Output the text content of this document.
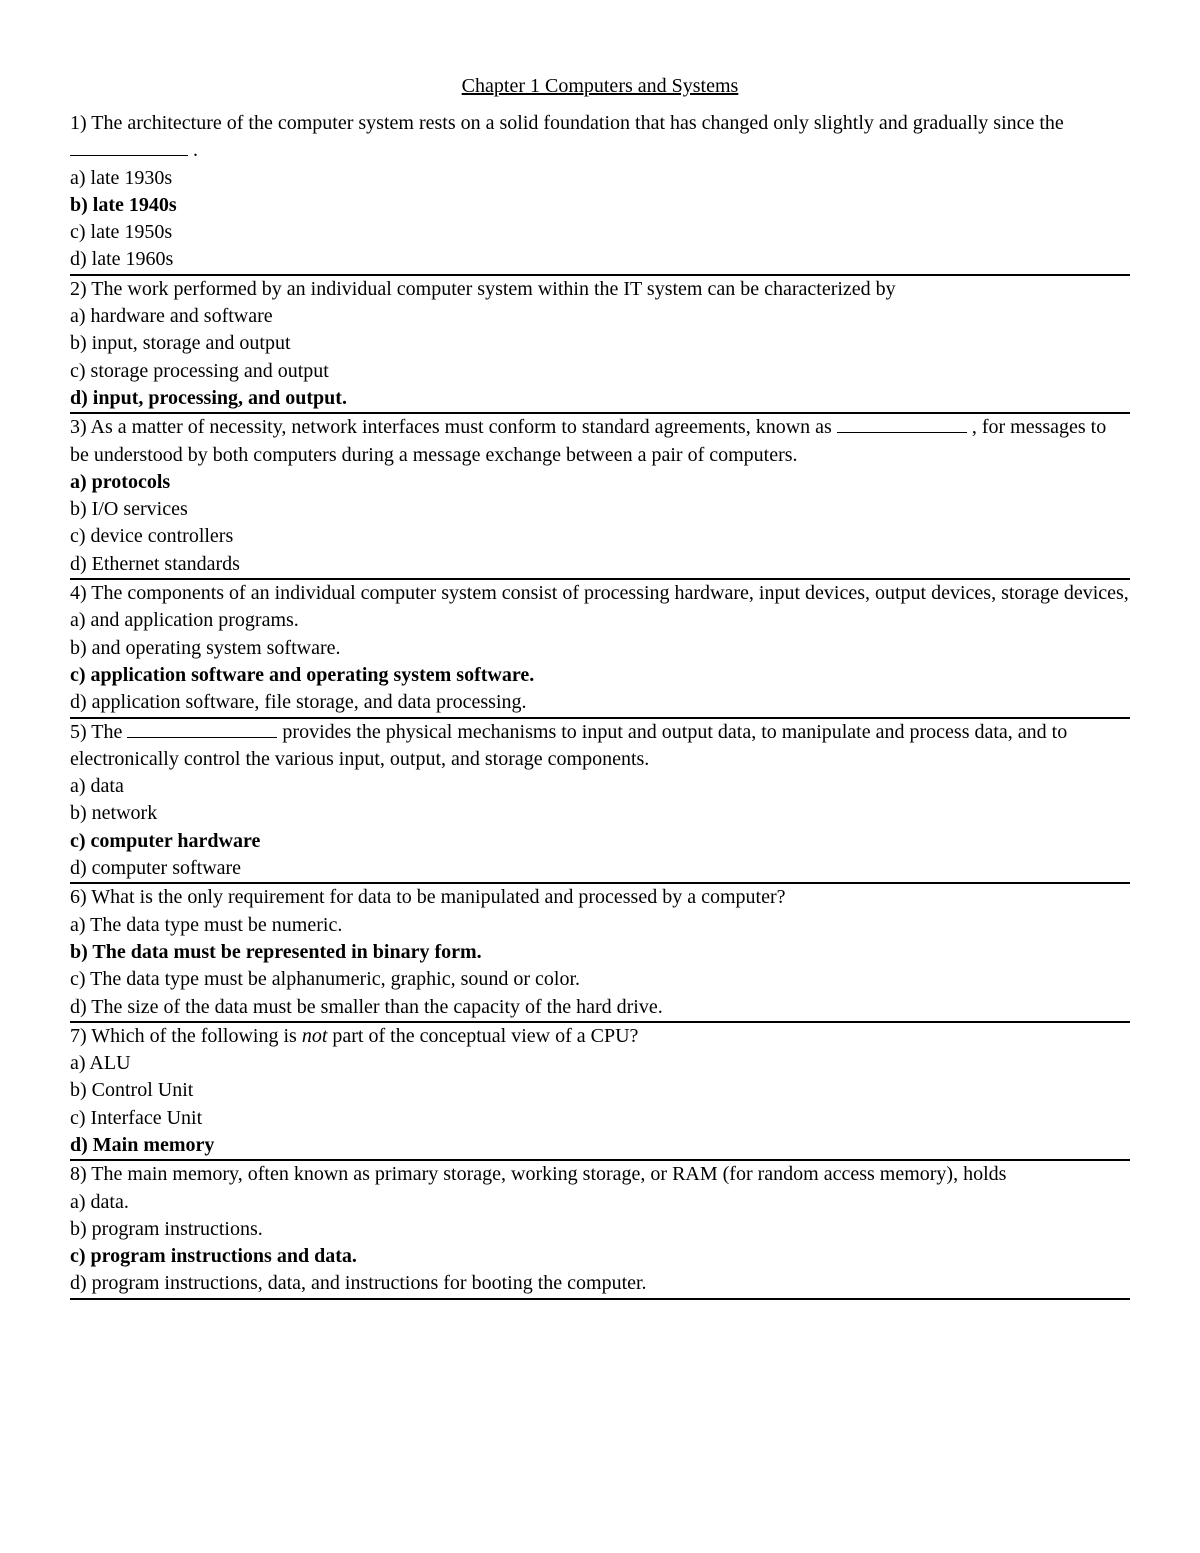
Chapter 1 Computers and Systems
1) The architecture of the computer system rests on a solid foundation that has changed only slightly and gradually since the  .
a) late 1930s
b) late 1940s
c) late 1950s
d) late 1960s
2) The work performed by an individual computer system within the IT system can be characterized by
a) hardware and software
b) input, storage and output
c) storage processing and output
d) input, processing, and output.
3) As a matter of necessity, network interfaces must conform to standard agreements, known as	, for messages to be understood by both computers during a message exchange between a pair of computers.
a) protocols
b) I/O services
c) device controllers
d) Ethernet standards
4) The components of an individual computer system consist of processing hardware, input devices, output devices, storage devices,
a) and application programs.
b) and operating system software.
c) application software and operating system software.
d) application software, file storage, and data processing.
5) The	provides the physical mechanisms to input and output data, to manipulate and process data, and to electronically control the various input, output, and storage components.
a) data
b) network
c) computer hardware
d) computer software
6) What is the only requirement for data to be manipulated and processed by a computer?
a) The data type must be numeric.
b) The data must be represented in binary form.
c) The data type must be alphanumeric, graphic, sound or color.
d) The size of the data must be smaller than the capacity of the hard drive.
7) Which of the following is not part of the conceptual view of a CPU?
a) ALU
b) Control Unit
c) Interface Unit
d) Main memory
8) The main memory, often known as primary storage, working storage, or RAM (for random access memory), holds
a) data.
b) program instructions.
c) program instructions and data.
d) program instructions, data, and instructions for booting the computer.
